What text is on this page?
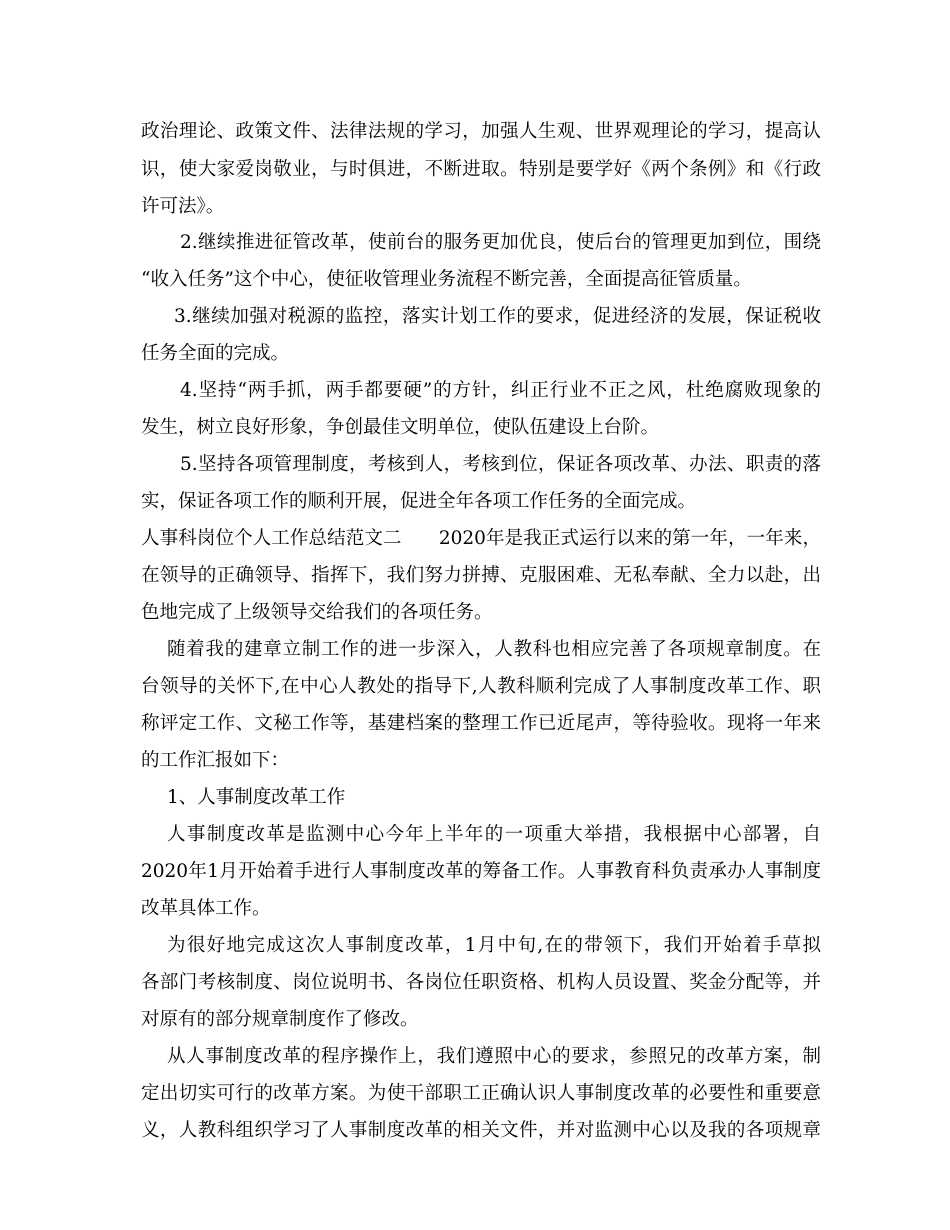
政治理论、政策文件、法律法规的学习，加强人生观、世界观理论的学习，提高认
识，使大家爱岗敬业，与时俱进，不断进取。特别是要学好《两个条例》和《行政
许可法》。
2.继续推进征管改革，使前台的服务更加优良，使后台的管理更加到位，围绕
“收入任务”这个中心，使征收管理业务流程不断完善，全面提高征管质量。
3.继续加强对税源的监控，落实计划工作的要求，促进经济的发展，保证税收
任务全面的完成。
4.坚持“两手抓，两手都要硬”的方针，纠正行业不正之风，杜绝腐败现象的
发生，树立良好形象，争创最佳文明单位，使队伍建设上台阶。
5.坚持各项管理制度，考核到人，考核到位，保证各项改革、办法、职责的落
实，保证各项工作的顺利开展，促进全年各项工作任务的全面完成。
人事科岗位个人工作总结范文二　　2020年是我正式运行以来的第一年，一年来，
在领导的正确领导、指挥下，我们努力拼搏、克服困难、无私奉献、全力以赴，出
色地完成了上级领导交给我们的各项任务。
随着我的建章立制工作的进一步深入，人教科也相应完善了各项规章制度。在
台领导的关怀下,在中心人教处的指导下,人教科顺利完成了人事制度改革工作、职
称评定工作、文秘工作等，基建档案的整理工作已近尾声，等待验收。现将一年来
的工作汇报如下：
1、人事制度改革工作
人事制度改革是监测中心今年上半年的一项重大举措，我根据中心部署，自
2020年1月开始着手进行人事制度改革的筹备工作。人事教育科负责承办人事制度
改革具体工作。
为很好地完成这次人事制度改革，1月中旬,在的带领下，我们开始着手草拟
各部门考核制度、岗位说明书、各岗位任职资格、机构人员设置、奖金分配等，并
对原有的部分规章制度作了修改。
从人事制度改革的程序操作上，我们遵照中心的要求，参照兄的改革方案，制
定出切实可行的改革方案。为使干部职工正确认识人事制度改革的必要性和重要意
义，人教科组织学习了人事制度改革的相关文件，并对监测中心以及我的各项规章
